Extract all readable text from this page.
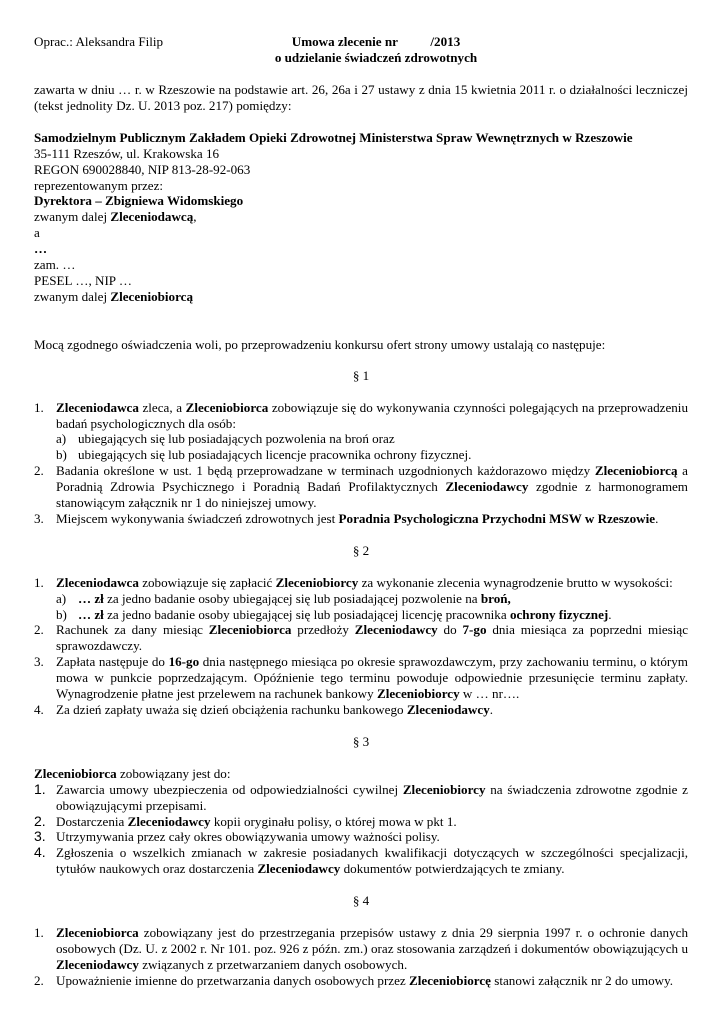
Oprac.: Aleksandra Filip	Umowa zlecenie nr          /2013
o udzielanie świadczeń zdrowotnych

zawarta w dniu … r. w Rzeszowie na podstawie art. 26, 26a i 27 ustawy z dnia 15 kwietnia 2011 r. o działalności leczniczej (tekst jednolity Dz. U. 2013 poz. 217) pomiędzy:

Samodzielnym Publicznym Zakładem Opieki Zdrowotnej Ministerstwa Spraw Wewnętrznych w Rzeszowie

35-111 Rzeszów, ul. Krakowska 16

REGON 690028840, NIP 813-28-92-063

reprezentowanym przez:

Dyrektora – Zbigniewa Widomskiego

zwanym dalej Zleceniodawcą,

a

…

zam. …

PESEL …, NIP …

zwanym dalej Zleceniobiorcą

Mocą zgodnego oświadczenia woli, po przeprowadzeniu konkursu ofert strony umowy ustalają co następuje:

§ 1

1. Zleceniodawca zleca, a Zleceniobiorca zobowiązuje się do wykonywania czynności polegających na przeprowadzeniu badań psychologicznych dla osób:
a) ubiegających się lub posiadających pozwolenia na broń oraz
b) ubiegających się lub posiadających licencje pracownika ochrony fizycznej.
2. Badania określone w ust. 1 będą przeprowadzane w terminach uzgodnionych każdorazowo między Zleceniobiorcą a Poradnią Zdrowia Psychicznego i Poradnią Badań Profilaktycznych Zleceniodawcy zgodnie z harmonogramem stanowiącym załącznik nr 1 do niniejszej umowy.
3. Miejscem wykonywania świadczeń zdrowotnych jest Poradnia Psychologiczna Przychodni MSW w Rzeszowie.

§ 2

1. Zleceniodawca zobowiązuje się zapłacić Zleceniobiorcy za wykonanie zlecenia wynagrodzenie brutto w wysokości:
a) … zł za jedno badanie osoby ubiegającej się lub posiadającej pozwolenie na broń,
b) … zł za jedno badanie osoby ubiegającej się lub posiadającej licencję pracownika ochrony fizycznej.
2. Rachunek za dany miesiąc Zleceniobiorca przedłoży Zleceniodawcy do 7-go dnia miesiąca za poprzedni miesiąc sprawozdawczy.
3. Zapłata następuje do 16-go dnia następnego miesiąca po okresie sprawozdawczym, przy zachowaniu terminu, o którym mowa w punkcie poprzedzającym. Opóźnienie tego terminu powoduje odpowiednie przesunięcie terminu zapłaty. Wynagrodzenie płatne jest przelewem na rachunek bankowy Zleceniobiorcy w … nr….
4. Za dzień zapłaty uważa się dzień obciążenia rachunku bankowego Zleceniodawcy.

§ 3

Zleceniobiorca zobowiązany jest do:

1. Zawarcia umowy ubezpieczenia od odpowiedzialności cywilnej Zleceniobiorcy na świadczenia zdrowotne zgodnie z obowiązującymi przepisami.
2. Dostarczenia Zleceniodawcy kopii oryginału polisy, o której mowa w pkt 1.
3. Utrzymywania przez cały okres obowiązywania umowy ważności polisy.
4. Zgłoszenia o wszelkich zmianach w zakresie posiadanych kwalifikacji dotyczących w szczególności specjalizacji, tytułów naukowych oraz dostarczenia Zleceniodawcy dokumentów potwierdzających te zmiany.

§ 4

1. Zleceniobiorca zobowiązany jest do przestrzegania przepisów ustawy z dnia 29 sierpnia 1997 r. o ochronie danych osobowych (Dz. U. z 2002 r. Nr 101. poz. 926 z późn. zm.) oraz stosowania zarządzeń i dokumentów obowiązujących u Zleceniodawcy związanych z przetwarzaniem danych osobowych.
2. Upoważnienie imienne do przetwarzania danych osobowych przez Zleceniobiorcę stanowi załącznik nr 2 do umowy.
